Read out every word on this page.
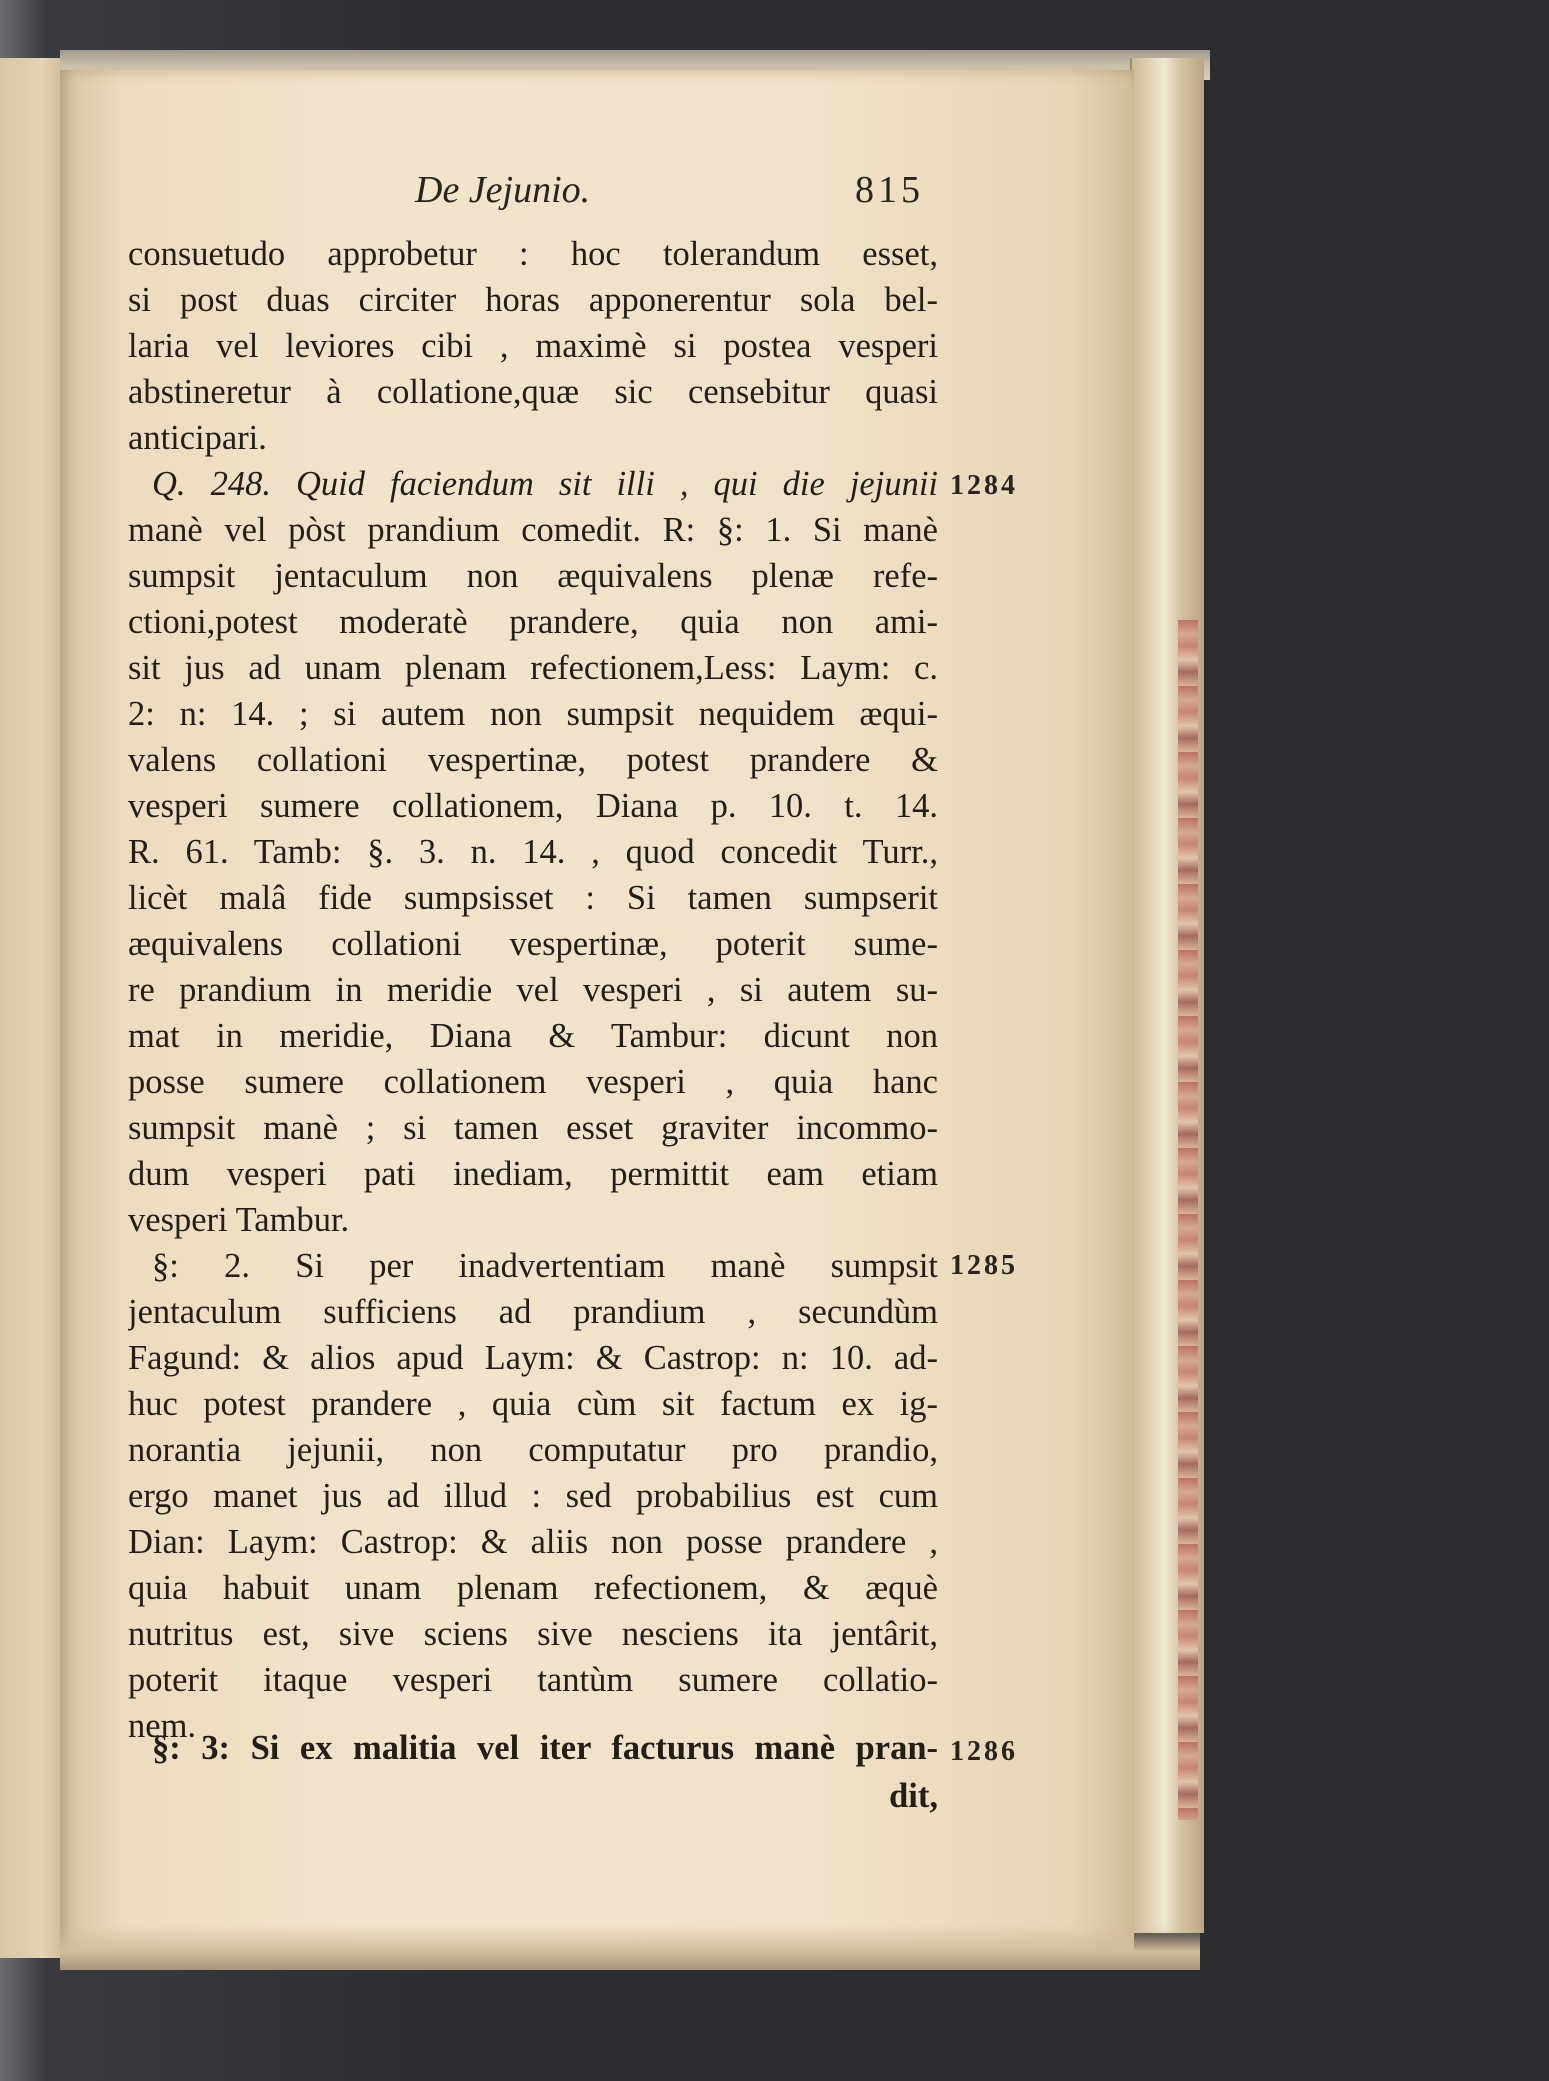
De Jejunio.	815
consuetudo approbetur : hoc tolerandum esset,
si post duas circiter horas apponerentur sola bel-
laria vel leviores cibi , maximè si postea vesperi
abstineretur à collatione,quæ sic censebitur quasi
anticipari.
Q. 248. Quid faciendum sit illi , qui die jejunii
manè vel pòst prandium comedit. R: §: 1. Si manè
sumpsit jentaculum non æquivalens plenæ refe-
ctioni,potest moderatè prandere, quia non ami-
sit jus ad unam plenam refectionem,Less: Laym: c.
2: n: 14. ; si autem non sumpsit nequidem æqui-
valens collationi vespertinæ, potest prandere &
vesperi sumere collationem, Diana p. 10. t. 14.
R. 61. Tamb: §. 3. n. 14. , quod concedit Turr.,
licèt malâ fide sumpsisset : Si tamen sumpserit
æquivalens collationi vespertinæ, poterit sume-
re prandium in meridie vel vesperi , si autem su-
mat in meridie, Diana & Tambur: dicunt non
posse sumere collationem vesperi , quia hanc
sumpsit manè ; si tamen esset graviter incommo-
dum vesperi pati inediam, permittit eam etiam
vesperi Tambur.
§: 2. Si per inadvertentiam manè sumpsit
jentaculum sufficiens ad prandium , secundùm
Fagund: & alios apud Laym: & Castrop: n: 10. ad-
huc potest prandere , quia cùm sit factum ex ig-
norantia jejunii, non computatur pro prandio,
ergo manet jus ad illud : sed probabilius est cum
Dian: Laym: Castrop: & aliis non posse prandere ,
quia habuit unam plenam refectionem, & æquè
nutritus est, sive sciens sive nesciens ita jentârit,
poterit itaque vesperi tantùm sumere collatio-
nem.
§: 3: Si ex malitia vel iter facturus manè pran-
dit,
1284
1285
1286
